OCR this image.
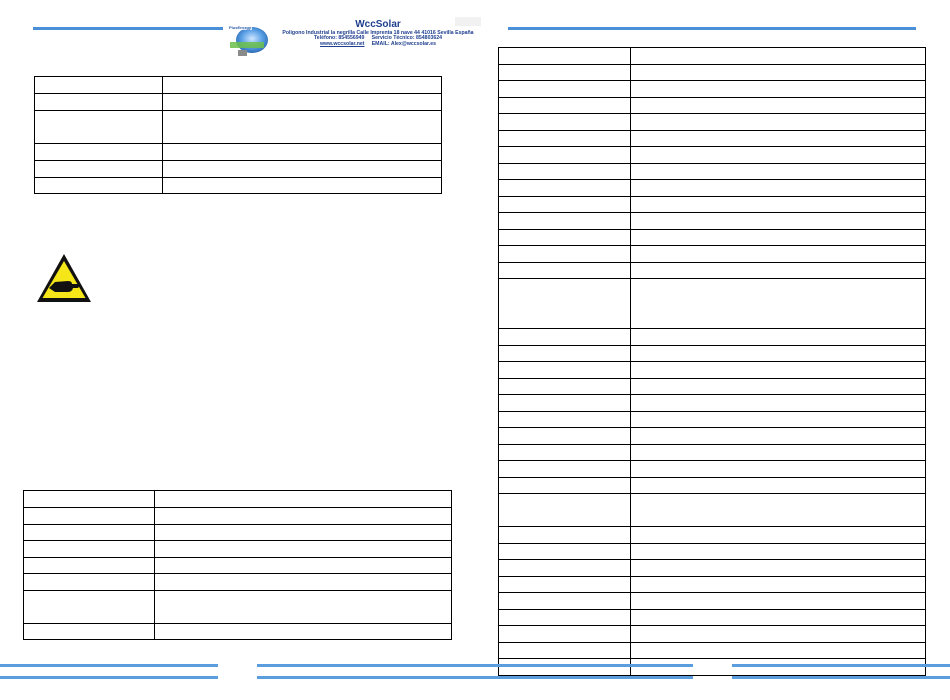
PlusEnergy	WccSolar
Poligono Industrial la negrilla Calle Imprenta 18 nave 44 41016 Sevilla España
Teléfono: 854556949 Servicio Técnico: 854803624
www.wccsolar.net EMAIL: Alex@wccsolar.es
